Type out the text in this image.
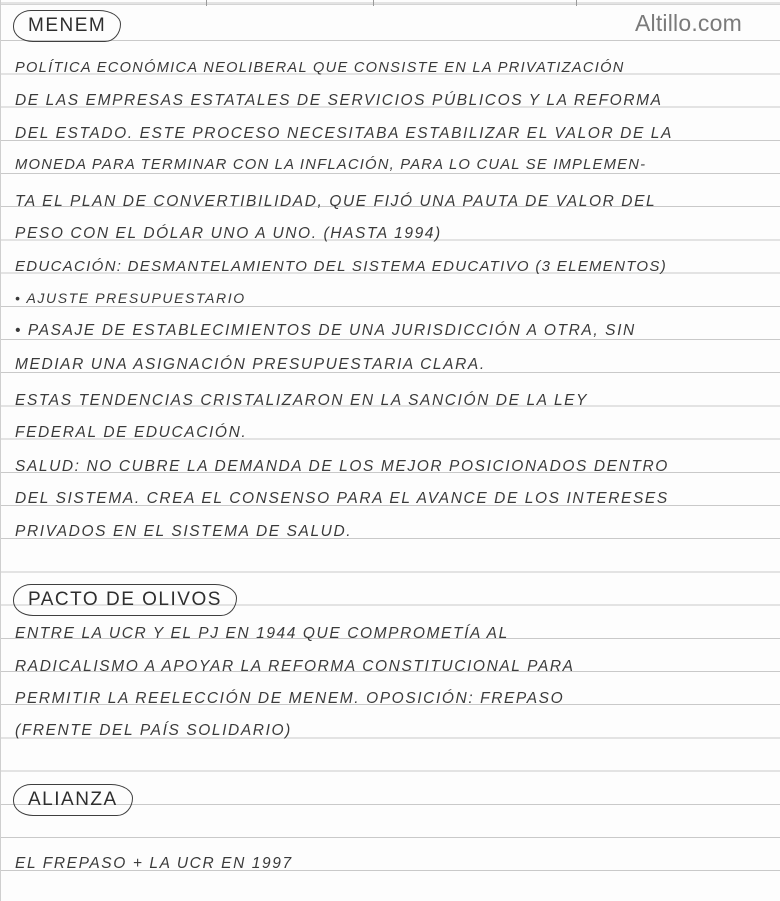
Altillo.com
MENEM
POLÍTICA ECONÓMICA NEOLIBERAL QUE CONSISTE EN LA PRIVATIZACIÓN
DE LAS EMPRESAS ESTATALES DE SERVICIOS PÚBLICOS Y LA REFORMA
DEL ESTADO. ESTE PROCESO NECESITABA ESTABILIZAR EL VALOR DE LA
MONEDA PARA TERMINAR CON LA INFLACIÓN, PARA LO CUAL SE IMPLEMEN-
TA EL PLAN DE CONVERTIBILIDAD, QUE FIJÓ UNA PAUTA DE VALOR DEL
PESO CON EL DÓLAR UNO A UNO. (HASTA 1994)
EDUCACIÓN: DESMANTELAMIENTO DEL SISTEMA EDUCATIVO (3 ELEMENTOS)
• AJUSTE PRESUPUESTARIO
• PASAJE DE ESTABLECIMIENTOS DE UNA JURISDICCIÓN A OTRA, SIN
MEDIAR UNA ASIGNACIÓN PRESUPUESTARIA CLARA.
ESTAS TENDENCIAS CRISTALIZARON EN LA SANCIÓN DE LA LEY
FEDERAL DE EDUCACIÓN.
SALUD: NO CUBRE LA DEMANDA DE LOS MEJOR POSICIONADOS DENTRO
DEL SISTEMA. CREA EL CONSENSO PARA EL AVANCE DE LOS INTERESES
PRIVADOS EN EL SISTEMA DE SALUD.
PACTO DE OLIVOS
ENTRE LA UCR Y EL PJ EN 1944 QUE COMPROMETÍA AL
RADICALISMO A APOYAR LA REFORMA CONSTITUCIONAL PARA
PERMITIR LA REELECCIÓN DE MENEM. OPOSICIÓN: FREPASO
(FRENTE DEL PAÍS SOLIDARIO)
ALIANZA
EL FREPASO + LA UCR EN 1997
